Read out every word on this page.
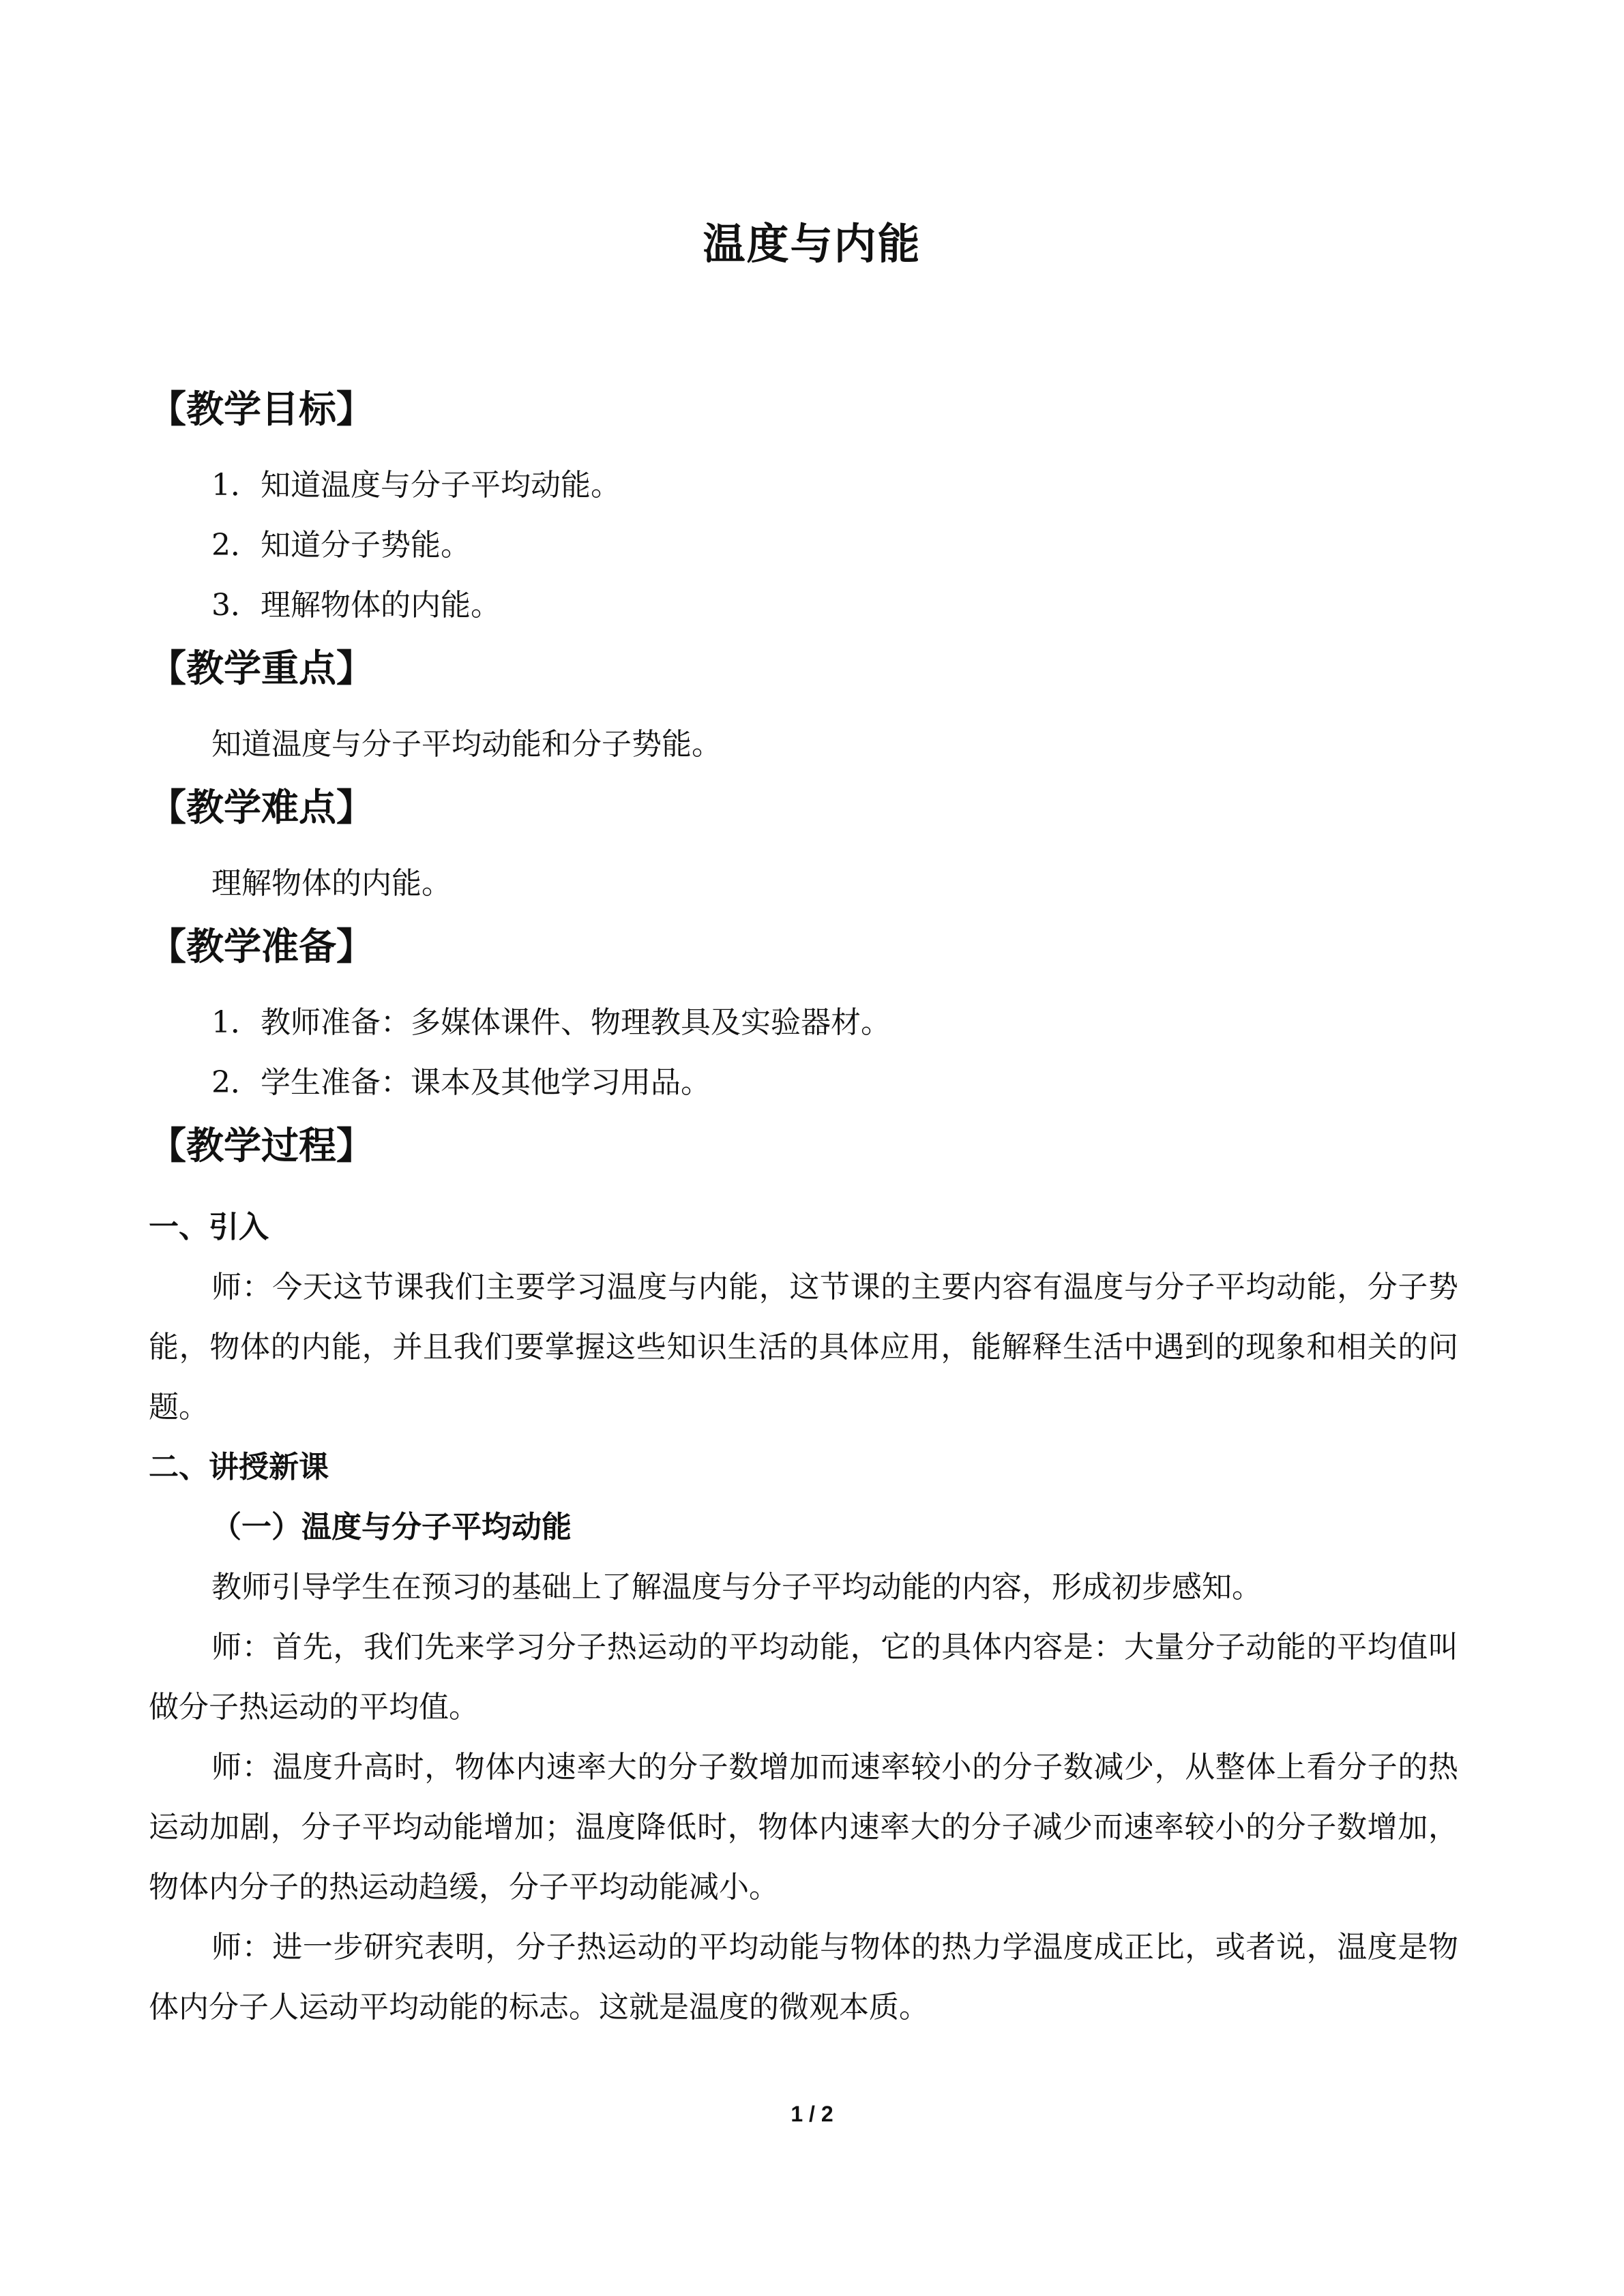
温度与内能
【教学目标】
1．知道温度与分子平均动能。
2．知道分子势能。
3．理解物体的内能。
【教学重点】
知道温度与分子平均动能和分子势能。
【教学难点】
理解物体的内能。
【教学准备】
1．教师准备：多媒体课件、物理教具及实验器材。
2．学生准备：课本及其他学习用品。
【教学过程】
一、引入
师：今天这节课我们主要学习温度与内能，这节课的主要内容有温度与分子平均动能，分子势能，物体的内能，并且我们要掌握这些知识生活的具体应用，能解释生活中遇到的现象和相关的问题。
二、讲授新课
（一）温度与分子平均动能
教师引导学生在预习的基础上了解温度与分子平均动能的内容，形成初步感知。
师：首先，我们先来学习分子热运动的平均动能，它的具体内容是：大量分子动能的平均值叫做分子热运动的平均值。
师：温度升高时，物体内速率大的分子数增加而速率较小的分子数减少，从整体上看分子的热运动加剧，分子平均动能增加；温度降低时，物体内速率大的分子减少而速率较小的分子数增加，物体内分子的热运动趋缓，分子平均动能减小。
师：进一步研究表明，分子热运动的平均动能与物体的热力学温度成正比，或者说，温度是物体内分子人运动平均动能的标志。这就是温度的微观本质。
1 / 2
